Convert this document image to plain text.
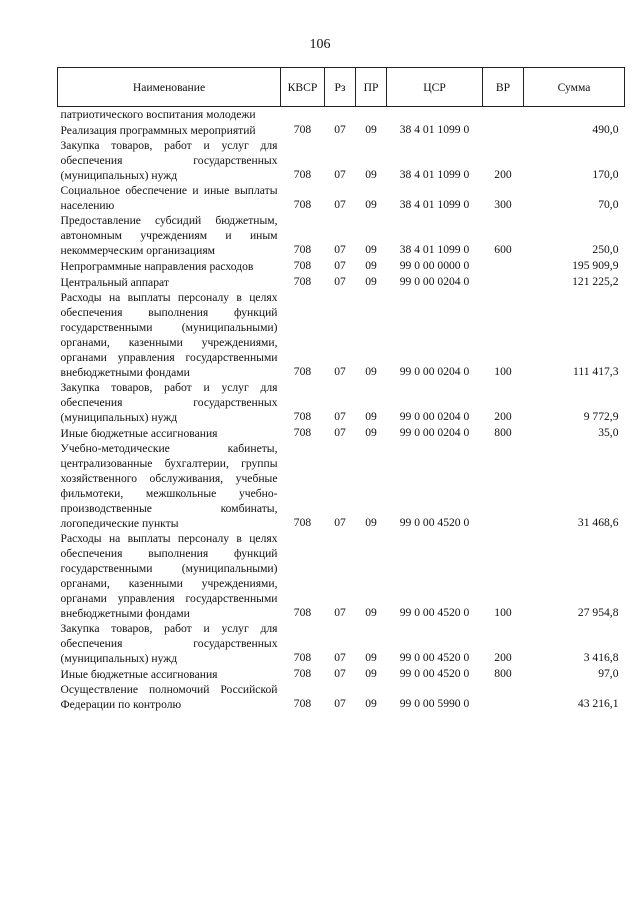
106
Наименование	КВСР	Рз	ПР	ЦСР	ВР	Сумма
патриотического воспитания молодежи						
Реализация программных мероприятий	708	07	09	38 4 01 1099 0		490,0
Закупка товаров, работ и услуг для обеспечения государственных (муниципальных) нужд	708	07	09	38 4 01 1099 0	200	170,0
Социальное обеспечение и иные выплаты населению	708	07	09	38 4 01 1099 0	300	70,0
Предоставление субсидий бюджетным, автономным учреждениям и иным некоммерческим организациям	708	07	09	38 4 01 1099 0	600	250,0
Непрограммные направления расходов	708	07	09	99 0 00 0000 0		195 909,9
Центральный аппарат	708	07	09	99 0 00 0204 0		121 225,2
Расходы на выплаты персоналу в целях обеспечения выполнения функций государственными (муниципальными) органами, казенными учреждениями, органами управления государственными внебюджетными фондами	708	07	09	99 0 00 0204 0	100	111 417,3
Закупка товаров, работ и услуг для обеспечения государственных (муниципальных) нужд	708	07	09	99 0 00 0204 0	200	9 772,9
Иные бюджетные ассигнования	708	07	09	99 0 00 0204 0	800	35,0
Учебно-методические кабинеты, централизованные бухгалтерии, группы хозяйственного обслуживания, учебные фильмотеки, межшкольные учебно-производственные комбинаты, логопедические пункты	708	07	09	99 0 00 4520 0		31 468,6
Расходы на выплаты персоналу в целях обеспечения выполнения функций государственными (муниципальными) органами, казенными учреждениями, органами управления государственными внебюджетными фондами	708	07	09	99 0 00 4520 0	100	27 954,8
Закупка товаров, работ и услуг для обеспечения государственных (муниципальных) нужд	708	07	09	99 0 00 4520 0	200	3 416,8
Иные бюджетные ассигнования	708	07	09	99 0 00 4520 0	800	97,0
Осуществление полномочий Российской Федерации по контролю	708	07	09	99 0 00 5990 0		43 216,1
